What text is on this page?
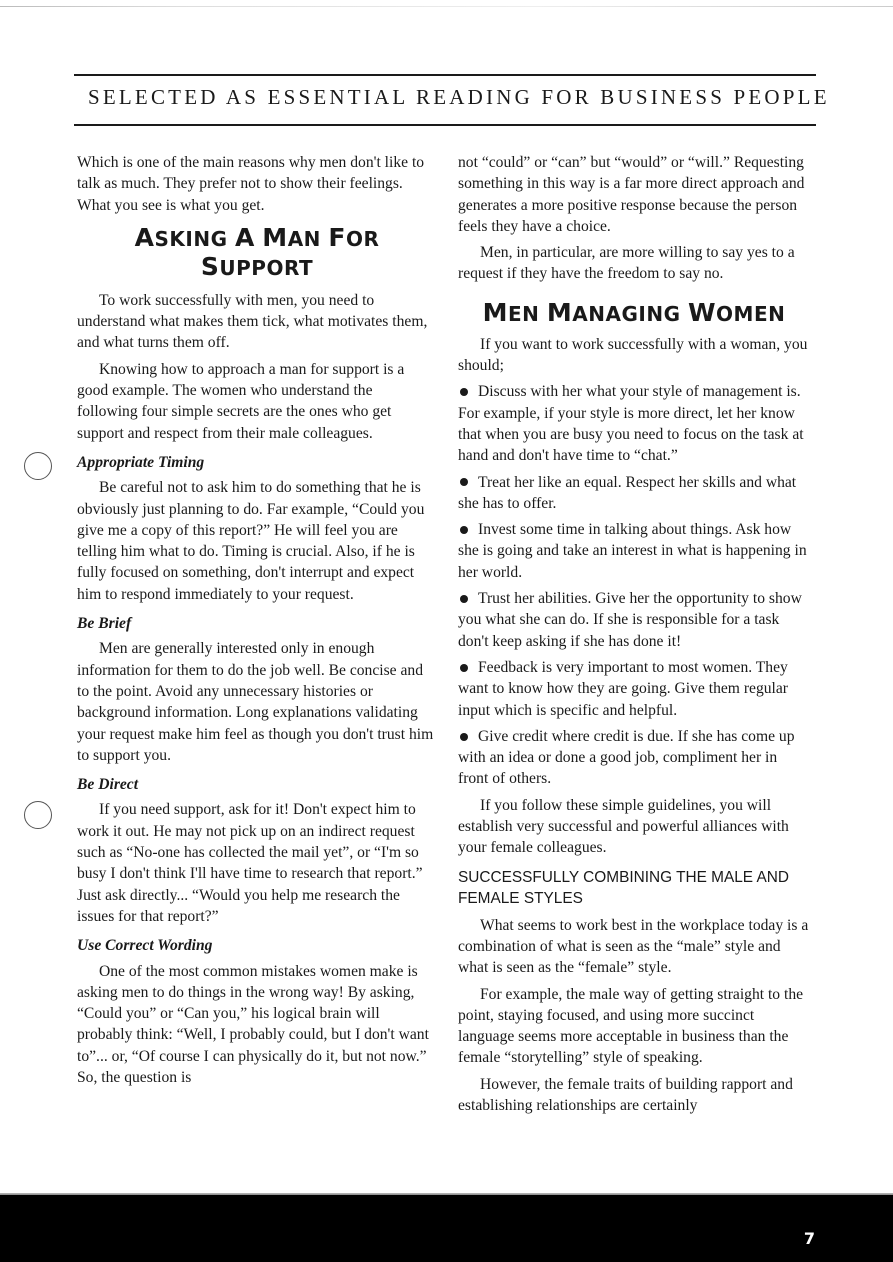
SELECTED AS ESSENTIAL READING FOR BUSINESS PEOPLE

Which is one of the main reasons why men don't like to talk as much. They prefer not to show their feelings. What you see is what you get.

ASKING A MAN FOR
SUPPORT

To work successfully with men, you need to understand what makes them tick, what motivates them, and what turns them off.

Knowing how to approach a man for support is a good example. The women who understand the following four simple secrets are the ones who get support and respect from their male colleagues.

Appropriate Timing

Be careful not to ask him to do something that he is obviously just planning to do. Far example, “Could you give me a copy of this report?” He will feel you are telling him what to do. Timing is crucial. Also, if he is fully focused on something, don't interrupt and expect him to respond immediately to your request.

Be Brief

Men are generally interested only in enough information for them to do the job well. Be concise and to the point. Avoid any unnecessary histories or background information. Long explanations validating your request make him feel as though you don't trust him to support you.

Be Direct

If you need support, ask for it! Don't expect him to work it out. He may not pick up on an indirect request such as “No-one has collected the mail yet”, or “I'm so busy I don't think I'll have time to research that report.” Just ask directly... “Would you help me research the issues for that report?”

Use Correct Wording

One of the most common mistakes women make is asking men to do things in the wrong way! By asking, “Could you” or “Can you,” his logical brain will probably think: “Well, I probably could, but I don't want to”... or, “Of course I can physically do it, but not now.” So, the question is

not “could” or “can” but “would” or “will.” Requesting something in this way is a far more direct approach and generates a more positive response because the person feels they have a choice.

Men, in particular, are more willing to say yes to a request if they have the freedom to say no.

MEN MANAGING WOMEN

If you want to work successfully with a woman, you should;

Discuss with her what your style of management is. For example, if your style is more direct, let her know that when you are busy you need to focus on the task at hand and don't have time to “chat.”

Treat her like an equal. Respect her skills and what she has to offer.

Invest some time in talking about things. Ask how she is going and take an interest in what is happening in her world.

Trust her abilities. Give her the opportunity to show you what she can do. If she is responsible for a task don't keep asking if she has done it!

Feedback is very important to most women. They want to know how they are going. Give them regular input which is specific and helpful.

Give credit where credit is due. If she has come up with an idea or done a good job, compliment her in front of others.

If you follow these simple guidelines, you will establish very successful and powerful alliances with your female colleagues.

SUCCESSFULLY COMBINING THE MALE AND FEMALE STYLES

What seems to work best in the workplace today is a combination of what is seen as the “male” style and what is seen as the “female” style.

For example, the male way of getting straight to the point, staying focused, and using more succinct language seems more acceptable in business than the female “storytelling” style of speaking.

However, the female traits of building rapport and establishing relationships are certainly

7
